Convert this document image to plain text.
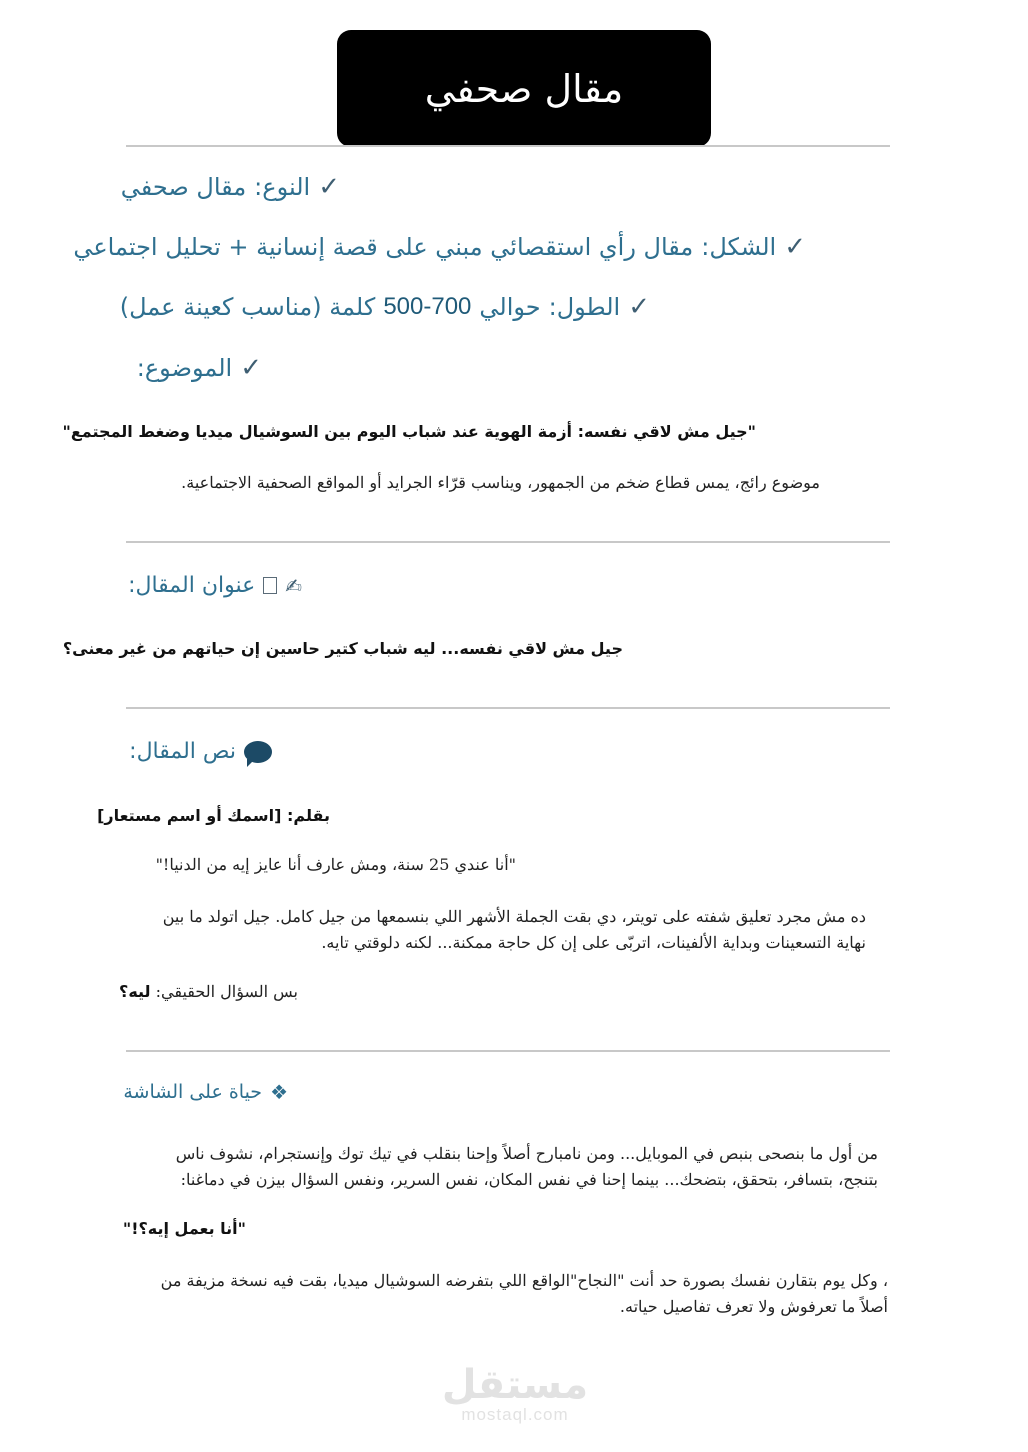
مقال صحفي
✓
النوع:
مقال صحفي
✓
الشكل:
مقال رأي استقصائي مبني على قصة إنسانية + تحليل اجتماعي
✓
الطول:
حوالي
500-700
كلمة (مناسب كعينة عمل)
✓
الموضوع:
"جيل مش لاقي نفسه: أزمة الهوية عند شباب اليوم بين السوشيال ميديا وضغط المجتمع"
موضوع رائج، يمس قطاع ضخم من الجمهور، ويناسب قرّاء الجرايد أو المواقع الصحفية الاجتماعية.
✍
عنوان المقال:
جيل مش لاقي نفسه... ليه شباب كتير حاسين إن حياتهم من غير معنى؟
نص المقال:
بقلم: [اسمك أو اسم مستعار]
"أنا عندي 25 سنة، ومش عارف أنا عايز إيه من الدنيا!"
ده مش مجرد تعليق شفته على تويتر، دي بقت الجملة الأشهر اللي بنسمعها من جيل كامل. جيل اتولد ما بين
نهاية التسعينات وبداية الألفينات، اتربّى على إن كل حاجة ممكنة... لكنه دلوقتي تايه.
بس السؤال الحقيقي: ليه؟
❖
حياة على الشاشة
من أول ما بنصحى بنبص في الموبايل... ومن نامبارح أصلاً وإحنا بنقلب في تيك توك وإنستجرام، نشوف ناس
بتنجح، بتسافر، بتحقق، بتضحك... بينما إحنا في نفس المكان، نفس السرير، ونفس السؤال بيزن في دماغنا:
"أنا بعمل إيه؟!"
، وكل يوم بتقارن نفسك بصورة حد أنت "النجاح"الواقع اللي بتفرضه السوشيال ميديا، بقت فيه نسخة مزيفة من
أصلاً ما تعرفوش ولا تعرف تفاصيل حياته.
مستقل
mostaql.com
